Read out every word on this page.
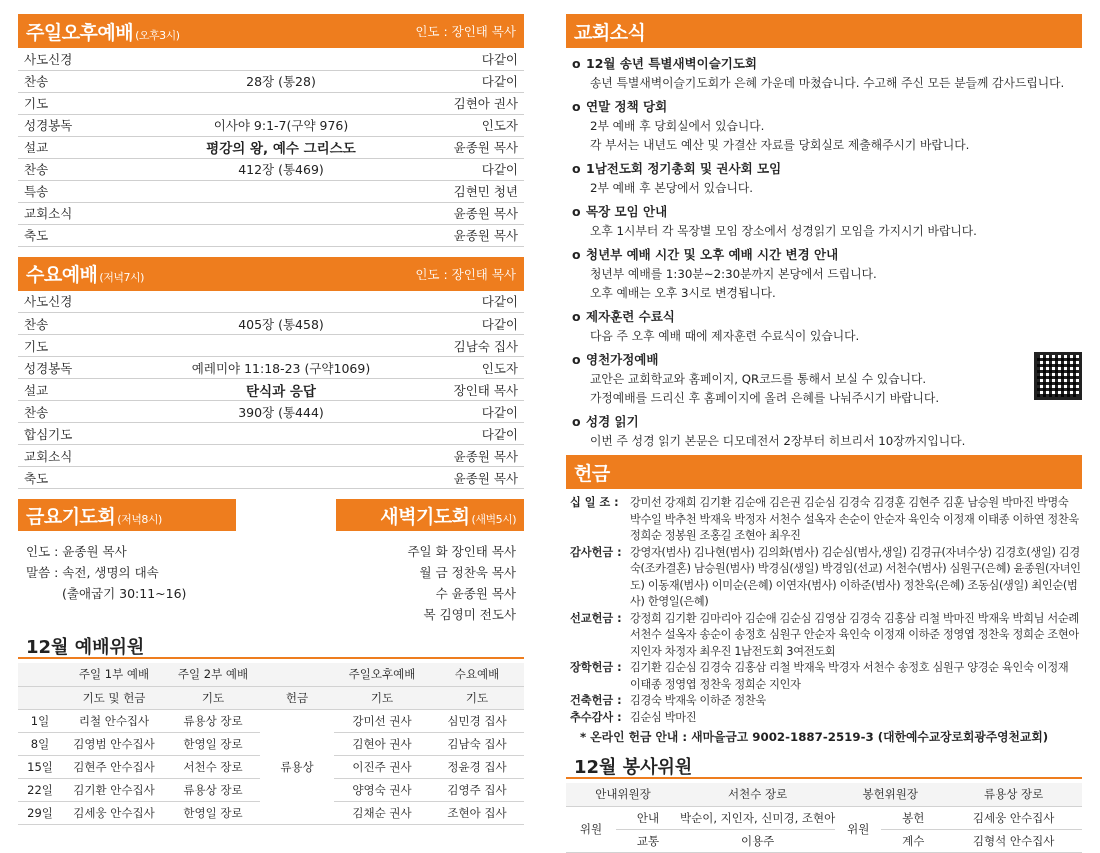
주일오후예배 (오후3시)	인도 : 장인태 목사
사도신경		다같이
찬송	28장 (통28)	다같이
기도		김현아 권사
성경봉독	이사야 9:1-7(구약 976)	인도자
설교	평강의 왕, 예수 그리스도	윤종원 목사
찬송	412장 (통469)	다같이
특송		김현민 청년
교회소식		윤종원 목사
축도		윤종원 목사
수요예배 (저녁7시)	인도 : 장인태 목사
사도신경		다같이
찬송	405장 (통458)	다같이
기도		김남숙 집사
성경봉독	예레미야 11:18-23 (구약1069)	인도자
설교	탄식과 응답	장인태 목사
찬송	390장 (통444)	다같이
합심기도		다같이
교회소식		윤종원 목사
축도		윤종원 목사
금요기도회 (저녁8시)	새벽기도회 (새벽5시)
인도 : 윤종원 목사
말씀 : 속전, 생명의 대속
(출애굽기 30:11~16)
주일 화 장인태 목사
월 금 정찬욱 목사
수 윤종원 목사
목 김영미 전도사
12월 예배위원
	주일 1부 예배	주일 2부 예배		주일오후예배	수요예배
	기도 및 헌금	기도	헌금	기도	기도
1일	리철 안수집사	류용상 장로	류용상	강미선 권사	심민경 집사
8일	김영범 안수집사	한영일 장로		김현아 권사	김남숙 집사
15일	김현주 안수집사	서천수 장로		이진주 권사	정윤경 집사
22일	김기환 안수집사	류용상 장로		양영숙 권사	김영주 집사
29일	김세웅 안수집사	한영일 장로		김채순 권사	조현아 집사
교회소식
o 12월 송년 특별새벽이슬기도회
송년 특별새벽이슬기도회가 은혜 가운데 마쳤습니다. 수고해 주신 모든 분들께 감사드립니다.
o 연말 정책 당회
2부 예배 후 당회실에서 있습니다.
각 부서는 내년도 예산 및 가결산 자료를 당회실로 제출해주시기 바랍니다.
o 1남전도회 정기총회 및 권사회 모임
2부 예배 후 본당에서 있습니다.
o 목장 모임 안내
오후 1시부터 각 목장별 모임 장소에서 성경읽기 모임을 가지시기 바랍니다.
o 청년부 예배 시간 및 오후 예배 시간 변경 안내
청년부 예배를 1:30분~2:30분까지 본당에서 드립니다.
오후 예배는 오후 3시로 변경됩니다.
o 제자훈련 수료식
다음 주 오후 예배 때에 제자훈련 수료식이 있습니다.
o 영천가정예배
교안은 교회학교와 홈페이지, QR코드를 통해서 보실 수 있습니다.
가정예배를 드리신 후 홈페이지에 올려 은혜를 나눠주시기 바랍니다.
o 성경 읽기
이번 주 성경 읽기 본문은 디모데전서 2장부터 히브리서 10장까지입니다.
헌금
십 일 조 :	강미선 강재희 김기환 김순애 김은권 김순심 김경숙 김경훈 김현주 김훈 남승원 박마진 박명숙 박수일 박추천 박재욱 박정자 서천수 설옥자 손순이 안순자 육인숙 이정재 이태종 이하연 정찬욱 정희순 정봉원 조홍길 조현아 최우진
감사헌금 : 강영자(범사) 김나현(범사) 김의화(범사) 김순심(범사,생일) 김경규(자녀수상) 김경호(생일) 김경숙(조카결혼) 남승원(범사) 박경심(생일) 박경임(선교) 서천수(범사) 심원구(은혜) 윤종원(자녀인도) 이동재(범사) 이미순(은혜) 이연자(범사) 이하준(범사) 정찬욱(은혜) 조동심(생일) 최인순(범사) 한영일(은혜)
선교헌금 : 강정희 김기환 김마리아 김순애 김순심 김영삼 김경숙 김홍삼 리철 박마진 박재욱 박희님 서순례 서천수 설옥자 송순이 송정호 심원구 안순자 육인숙 이정재 이하준 정영엽 정찬욱 정희순 조현아 지인자 차정자 최우진 1남전도회 3여전도회
장학헌금 : 김기환 김순심 김경숙 김홍삼 리철 박재욱 박경자 서천수 송정호 심원구 양경순 육인숙 이정재 이태종 정영엽 정찬욱 정희순 지인자
건축헌금 : 김경숙 박재욱 이하준 정찬욱
추수감사 : 김순심 박마진
* 온라인 헌금 안내 : 새마을금고 9002-1887-2519-3 (대한예수교장로회광주영천교회)
12월 봉사위원
안내위원장		서천수 장로	봉헌위원장		류용상 장로
위원	안내	박순이, 지인자, 신미경, 조현아	위원	봉헌	김세웅 안수집사
	교통	이용주		계수	김형석 안수집사
